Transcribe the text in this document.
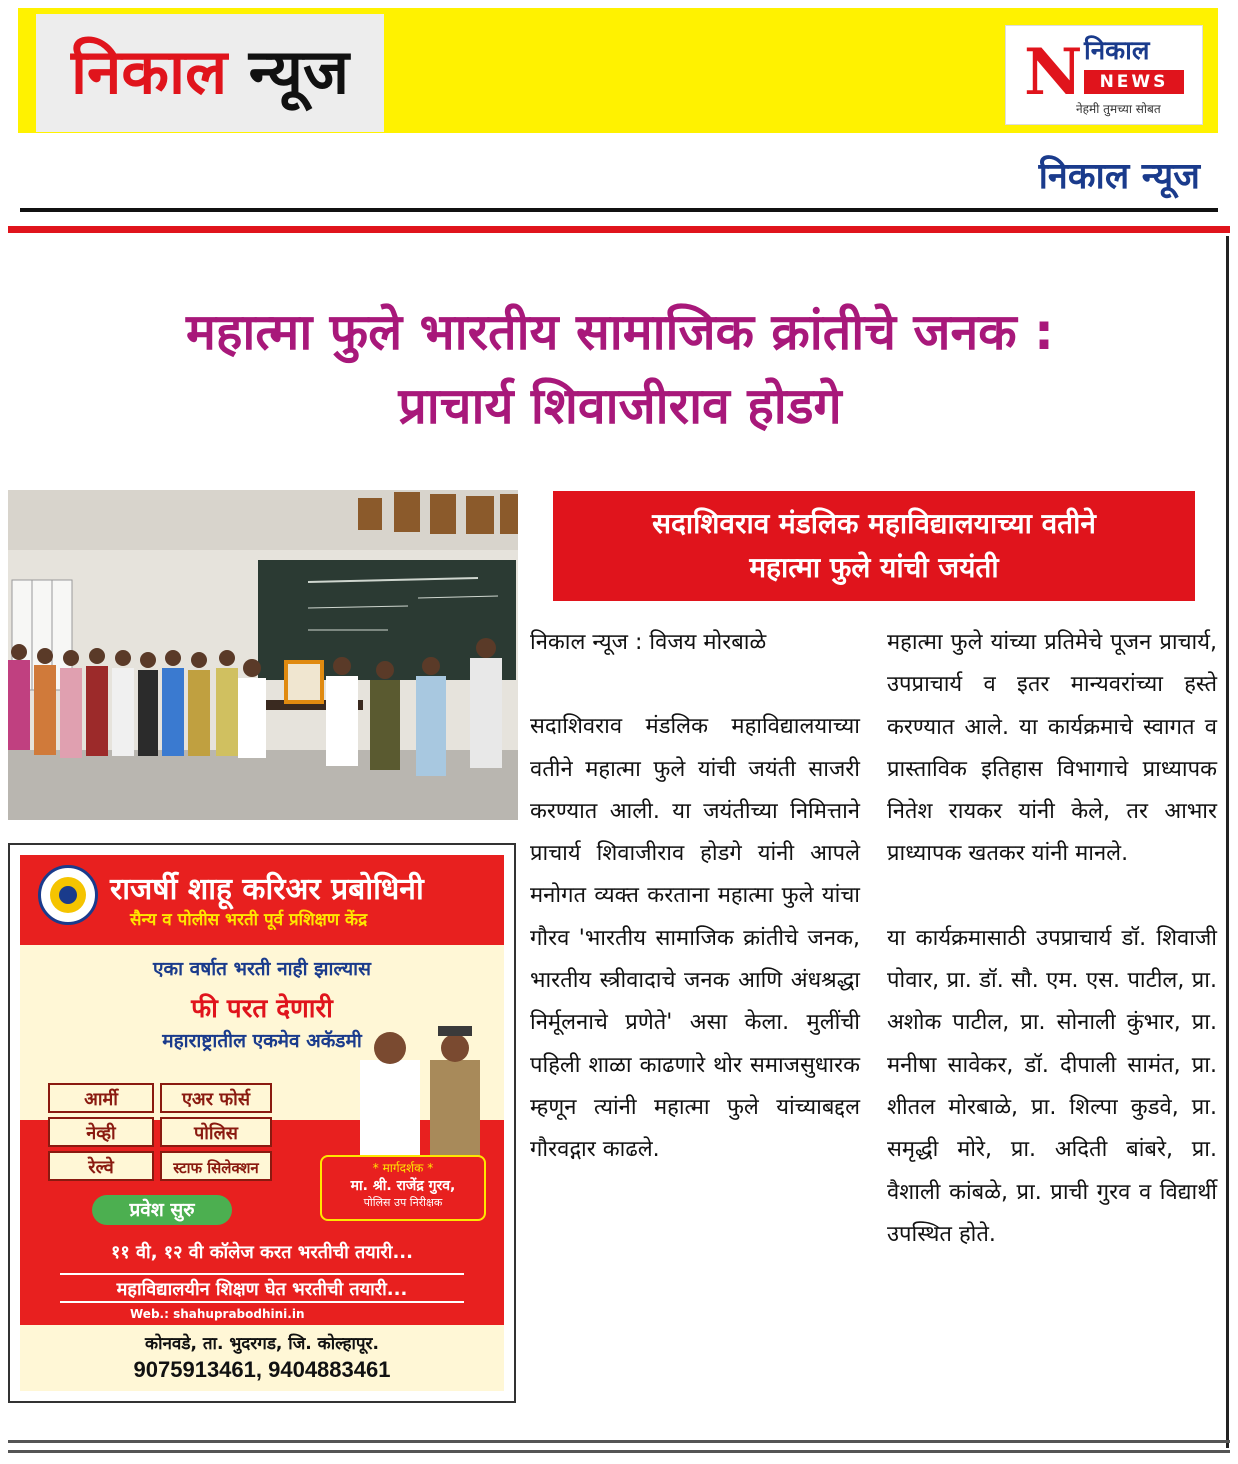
निकाल न्यूज	N निकाल
NEWS
नेहमी तुमच्या सोबत
निकाल न्यूज
महात्मा फुले भारतीय सामाजिक क्रांतीचे जनक :
प्राचार्य शिवाजीराव होडगे
सदाशिवराव मंडलिक महाविद्यालयाच्या वतीने
महात्मा फुले यांची जयंती

निकाल न्यूज : विजय मोरबाळे

सदाशिवराव मंडलिक महाविद्यालयाच्या वतीने महात्मा फुले यांची जयंती साजरी करण्यात आली. या जयंतीच्या निमित्ताने प्राचार्य शिवाजीराव होडगे यांनी आपले मनोगत व्यक्त करताना महात्मा फुले यांचा गौरव 'भारतीय सामाजिक क्रांतीचे जनक, भारतीय स्त्रीवादाचे जनक आणि अंधश्रद्धा निर्मूलनाचे प्रणेते' असा केला. मुलींची पहिली शाळा काढणारे थोर समाजसुधारक म्हणून त्यांनी महात्मा फुले यांच्याबद्दल गौरवद्गार काढले.

महात्मा फुले यांच्या प्रतिमेचे पूजन प्राचार्य, उपप्राचार्य व इतर मान्यवरांच्या हस्ते करण्यात आले. या कार्यक्रमाचे स्वागत व प्रास्ताविक इतिहास विभागाचे प्राध्यापक नितेश रायकर यांनी केले, तर आभार प्राध्यापक खतकर यांनी मानले.

या कार्यक्रमासाठी उपप्राचार्य डॉ. शिवाजी पोवार, प्रा. डॉ. सौ. एम. एस. पाटील, प्रा. अशोक पाटील, प्रा. सोनाली कुंभार, प्रा. मनीषा सावेकर, डॉ. दीपाली सामंत, प्रा. शीतल मोरबाळे, प्रा. शिल्पा कुडवे, प्रा. समृद्धी मोरे, प्रा. अदिती बांबरे, प्रा. वैशाली कांबळे, प्रा. प्राची गुरव व विद्यार्थी उपस्थित होते.

राजर्षी शाहू करिअर प्रबोधिनी
सैन्य व पोलीस भरती पूर्व प्रशिक्षण केंद्र
एका वर्षात भरती नाही झाल्यास
फी परत देणारी
महाराष्ट्रातील एकमेव अकॅडमी
आर्मी	एअर फोर्स
नेव्ही	पोलिस
रेल्वे	स्टाफ सिलेक्शन
प्रवेश सुरु
* मार्गदर्शक *
मा. श्री. राजेंद्र गुरव,
पोलिस उप निरीक्षक
११ वी, १२ वी कॉलेज करत भरतीची तयारी...
महाविद्यालयीन शिक्षण घेत भरतीची तयारी...
Web.: shahuprabodhini.in
कोनवडे, ता. भुदरगड, जि. कोल्हापूर.
9075913461, 9404883461
